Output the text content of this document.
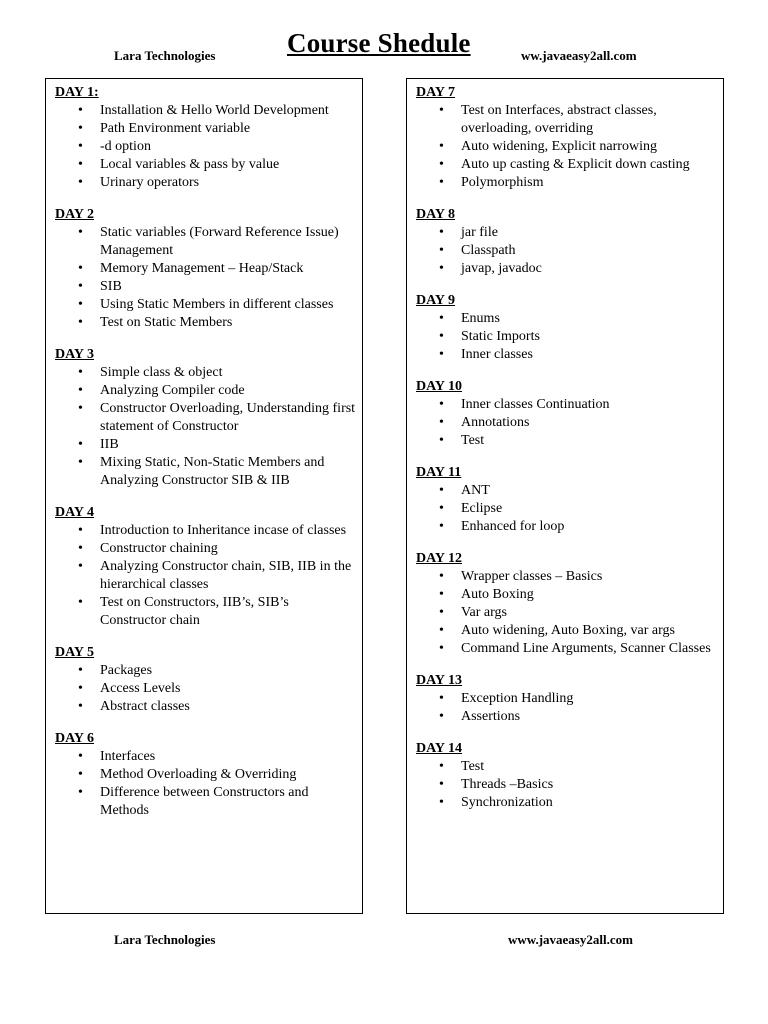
Lara Technologies	Course Shedule	ww.javaeasy2all.com
DAY 1:
• Installation & Hello World Development
• Path Environment variable
• -d option
• Local variables & pass by value
• Urinary operators
DAY 2
• Static variables (Forward Reference Issue) Management
• Memory Management – Heap/Stack
• SIB
• Using Static Members in different classes
• Test on Static Members
DAY 3
• Simple class & object
• Analyzing Compiler code
• Constructor Overloading, Understanding first statement of Constructor
• IIB
• Mixing Static, Non-Static Members and Analyzing Constructor SIB & IIB
DAY 4
• Introduction to Inheritance incase of classes
• Constructor chaining
• Analyzing Constructor chain, SIB, IIB in the hierarchical classes
• Test on Constructors, IIB’s, SIB’s Constructor chain
DAY 5
• Packages
• Access Levels
• Abstract classes
DAY 6
• Interfaces
• Method Overloading & Overriding
• Difference between Constructors and Methods
DAY 7
• Test on Interfaces, abstract classes, overloading, overriding
• Auto widening, Explicit narrowing
• Auto up casting & Explicit down casting
• Polymorphism
DAY 8
• jar file
• Classpath
• javap, javadoc
DAY 9
• Enums
• Static Imports
• Inner classes
DAY 10
• Inner classes Continuation
• Annotations
• Test
DAY 11
• ANT
• Eclipse
• Enhanced for loop
DAY 12
• Wrapper classes – Basics
• Auto Boxing
• Var args
• Auto widening, Auto Boxing, var args
• Command Line Arguments, Scanner Classes
DAY 13
• Exception Handling
• Assertions
DAY 14
• Test
• Threads –Basics
• Synchronization
Lara Technologies	www.javaeasy2all.com
